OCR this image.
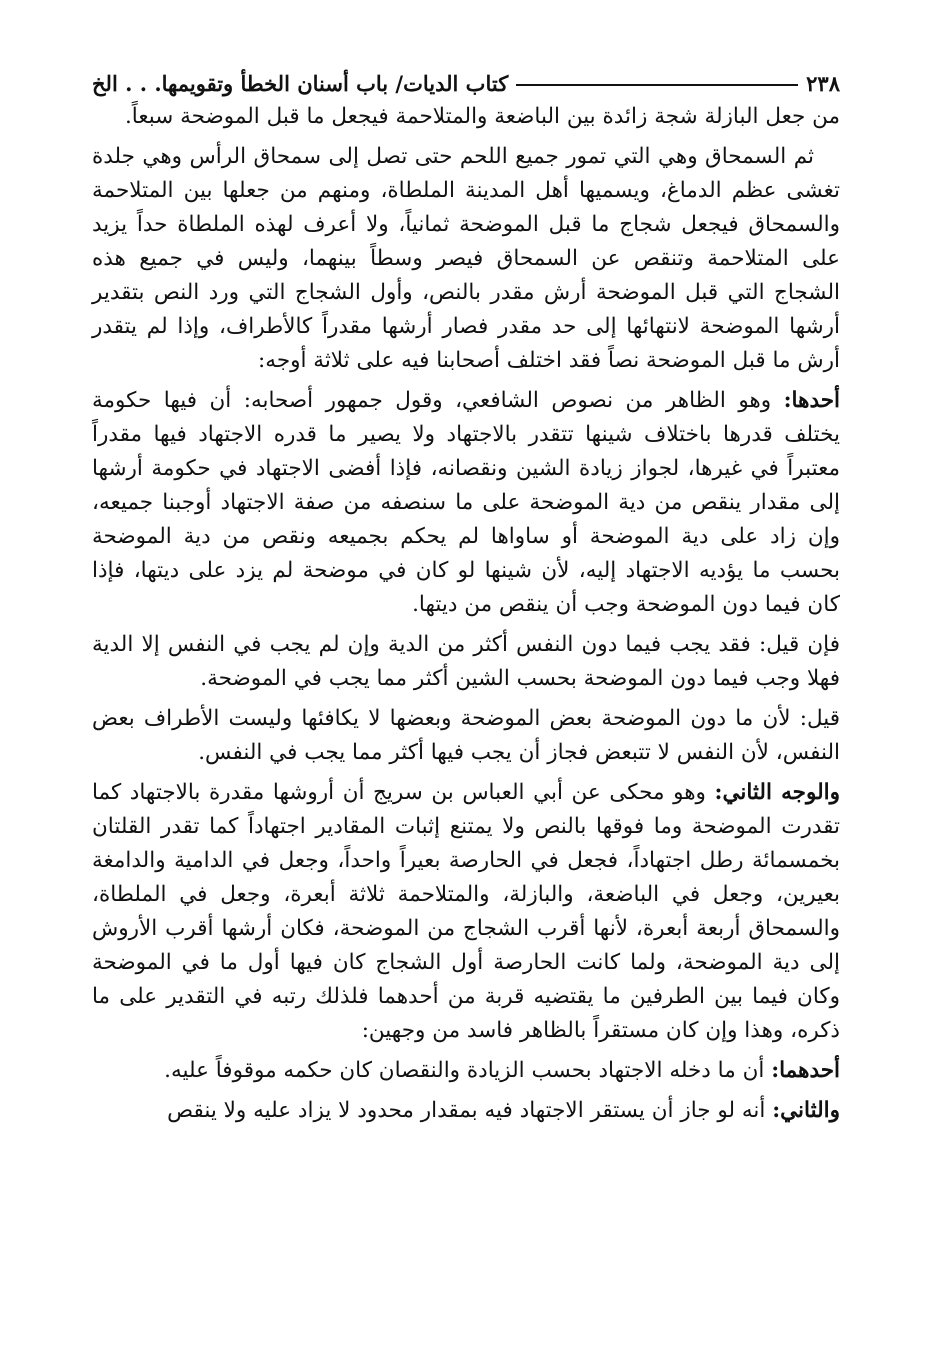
٢٣٨
كتاب الديات/ باب أسنان الخطأ وتقويمها. . . الخ

من جعل البازلة شجة زائدة بين الباضعة والمتلاحمة فيجعل ما قبل الموضحة سبعاً.

ثم السمحاق وهي التي تمور جميع اللحم حتى تصل إلى سمحاق الرأس وهي جلدة تغشى عظم الدماغ، ويسميها أهل المدينة الملطاة، ومنهم من جعلها بين المتلاحمة والسمحاق فيجعل شجاج ما قبل الموضحة ثمانياً، ولا أعرف لهذه الملطاة حداً يزيد على المتلاحمة وتنقص عن السمحاق فيصر وسطاً بينهما، وليس في جميع هذه الشجاج التي قبل الموضحة أرش مقدر بالنص، وأول الشجاج التي ورد النص بتقدير أرشها الموضحة لانتهائها إلى حد مقدر فصار أرشها مقدراً كالأطراف، وإذا لم يتقدر أرش ما قبل الموضحة نصاً فقد اختلف أصحابنا فيه على ثلاثة أوجه:

أحدها: وهو الظاهر من نصوص الشافعي، وقول جمهور أصحابه: أن فيها حكومة يختلف قدرها باختلاف شينها تتقدر بالاجتهاد ولا يصير ما قدره الاجتهاد فيها مقدراً معتبراً في غيرها، لجواز زيادة الشين ونقصانه، فإذا أفضى الاجتهاد في حكومة أرشها إلى مقدار ينقص من دية الموضحة على ما سنصفه من صفة الاجتهاد أوجبنا جميعه، وإن زاد على دية الموضحة أو ساواها لم يحكم بجميعه ونقص من دية الموضحة بحسب ما يؤديه الاجتهاد إليه، لأن شينها لو كان في موضحة لم يزد على ديتها، فإذا كان فيما دون الموضحة وجب أن ينقص من ديتها.

فإن قيل: فقد يجب فيما دون النفس أكثر من الدية وإن لم يجب في النفس إلا الدية فهلا وجب فيما دون الموضحة بحسب الشين أكثر مما يجب في الموضحة.

قيل: لأن ما دون الموضحة بعض الموضحة وبعضها لا يكافئها وليست الأطراف بعض النفس، لأن النفس لا تتبعض فجاز أن يجب فيها أكثر مما يجب في النفس.

والوجه الثاني: وهو محكى عن أبي العباس بن سريج أن أروشها مقدرة بالاجتهاد كما تقدرت الموضحة وما فوقها بالنص ولا يمتنع إثبات المقادير اجتهاداً كما تقدر القلتان بخمسمائة رطل اجتهاداً، فجعل في الحارصة بعيراً واحداً، وجعل في الدامية والدامغة بعيرين، وجعل في الباضعة، والبازلة، والمتلاحمة ثلاثة أبعرة، وجعل في الملطاة، والسمحاق أربعة أبعرة، لأنها أقرب الشجاج من الموضحة، فكان أرشها أقرب الأروش إلى دية الموضحة، ولما كانت الحارصة أول الشجاج كان فيها أول ما في الموضحة وكان فيما بين الطرفين ما يقتضيه قربة من أحدهما فلذلك رتبه في التقدير على ما ذكره، وهذا وإن كان مستقراً بالظاهر فاسد من وجهين:

أحدهما: أن ما دخله الاجتهاد بحسب الزيادة والنقصان كان حكمه موقوفاً عليه.

والثاني: أنه لو جاز أن يستقر الاجتهاد فيه بمقدار محدود لا يزاد عليه ولا ينقص
